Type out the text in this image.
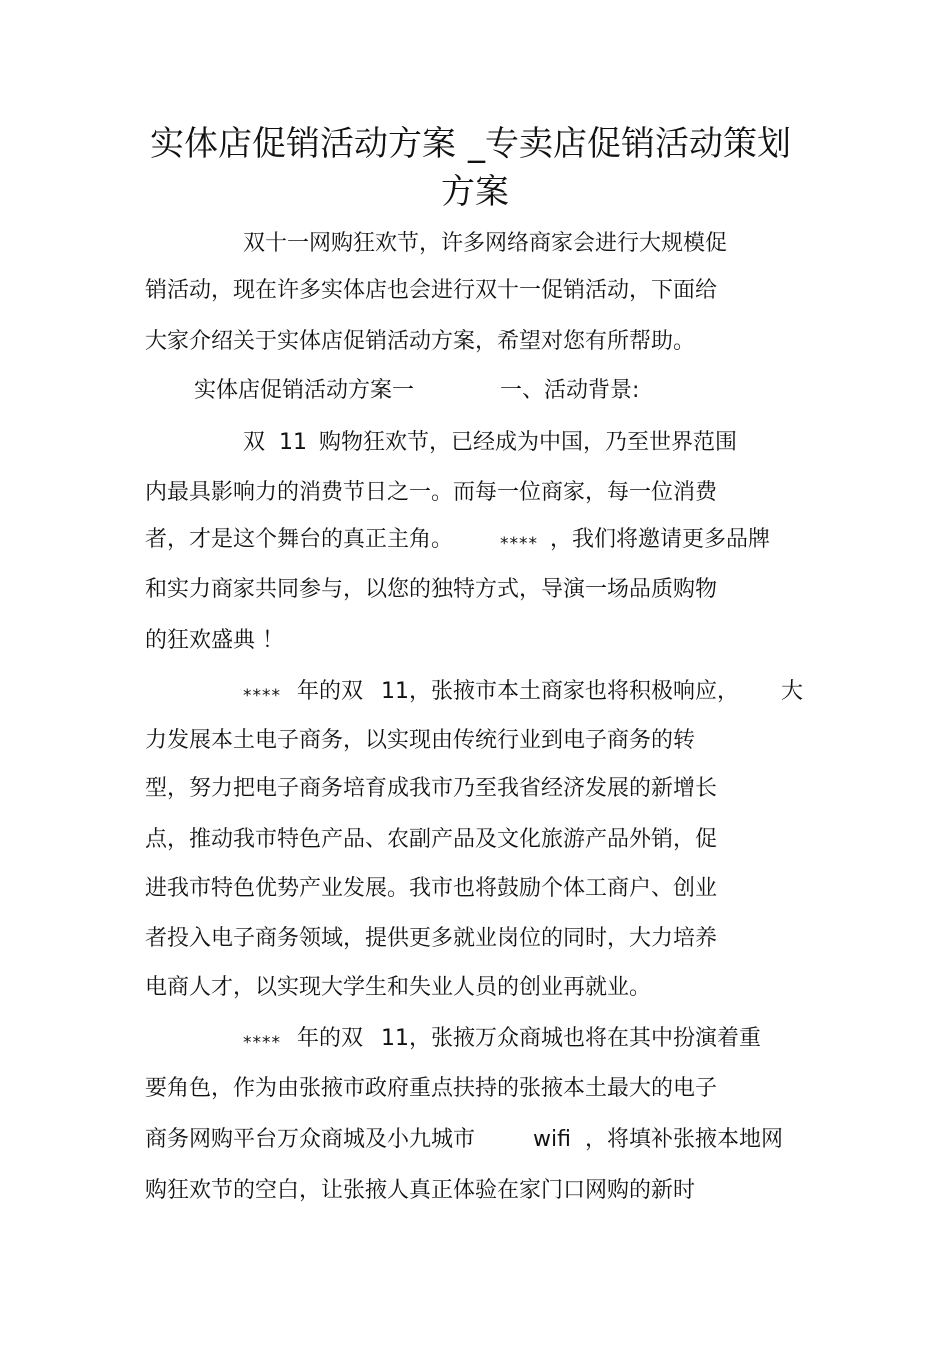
实体店促销活动方案 _专卖店促销活动策划
方案
双十一网购狂欢节，许多网络商家会进行大规模促
销活动，现在许多实体店也会进行双十一促销活动，下面给
大家介绍关于实体店促销活动方案，希望对您有所帮助。
实体店促销活动方案一	一、活动背景:
双 11 购物狂欢节，已经成为中国，乃至世界范围
内最具影响力的消费节日之一。而每一位商家，每一位消费
者，才是这个舞台的真正主角。	**** ，我们将邀请更多品牌
和实力商家共同参与，以您的独特方式，导演一场品质购物
的狂欢盛典 ！
**** 年的双 11，张掖市本土商家也将积极响应， 大
力发展本土电子商务，以实现由传统行业到电子商务的转
型，努力把电子商务培育成我市乃至我省经济发展的新增长
点，推动我市特色产品、农副产品及文化旅游产品外销，促
进我市特色优势产业发展。我市也将鼓励个体工商户、创业
者投入电子商务领域，提供更多就业岗位的同时，大力培养
电商人才，以实现大学生和失业人员的创业再就业。
**** 年的双 11，张掖万众商城也将在其中扮演着重
要角色，作为由张掖市政府重点扶持的张掖本土最大的电子
商务网购平台万众商城及小九城市	wifi ，将填补张掖本地网
购狂欢节的空白，让张掖人真正体验在家门口网购的新时
